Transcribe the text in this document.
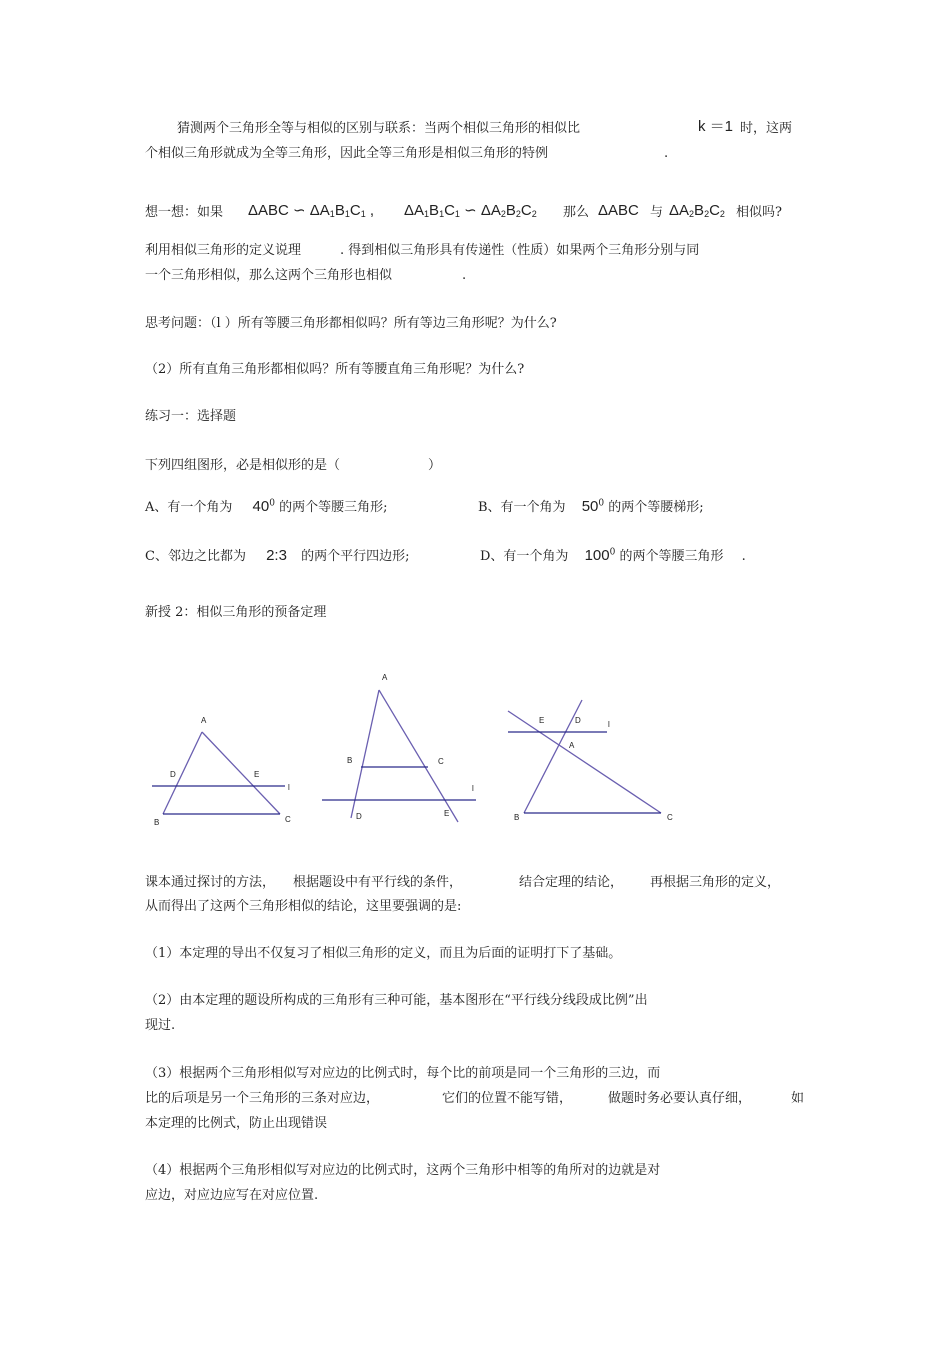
猜测两个三角形全等与相似的区别与联系：当两个相似三角形的相似比	k ＝1 时，这两
个相似三角形就成为全等三角形，因此全等三角形是相似三角形的特例	.
想一想：如果 ΔABC ∽ $\Delta A_1B_1C_1$ , $\Delta A_1B_1C_1$ ∽ $\Delta A_2B_2C_2$ 那么 ΔABC 与 $\Delta A_2B_2C_2$ 相似吗?
利用相似三角形的定义说理	. 得到相似三角形具有传递性（性质）如果两个三角形分别与同
一个三角形相似，那么这两个三角形也相似	.
思考问题：（l ）所有等腰三角形都相似吗？所有等边三角形呢？为什么?
（2）所有直角三角形都相似吗？所有等腰直角三角形呢？为什么?
练习一：选择题
下列四组图形，必是相似形的是（	）
A、有一个角为 $40^0$ 的两个等腰三角形;	B、有一个角为 $50^0$ 的两个等腰梯形;
C、邻边之比都为 2:3 的两个平行四边形;	D、有一个角为 $100^0$ 的两个等腰三角形 .
新授 2：相似三角形的预备定理
A
D	E
l
B	C
A
B	C
l
D	E
E	D	l
A
B	C
课本通过探讨的方法， 根据题设中有平行线的条件，	结合定理的结论， 再根据三角形的定义，
从而得出了这两个三角形相似的结论，这里要强调的是:
（1）本定理的导出不仅复习了相似三角形的定义，而且为后面的证明打下了基础。
（2）由本定理的题设所构成的三角形有三种可能，基本图形在“平行线分线段成比例”出
现过.
（3）根据两个三角形相似写对应边的比例式时，每个比的前项是同一个三角形的三边，而
比的后项是另一个三角形的三条对应边，	它们的位置不能写错，	做题时务必要认真仔细，	如
本定理的比例式，防止出现错误
（4）根据两个三角形相似写对应边的比例式时，这两个三角形中相等的角所对的边就是对
应边，对应边应写在对应位置.
